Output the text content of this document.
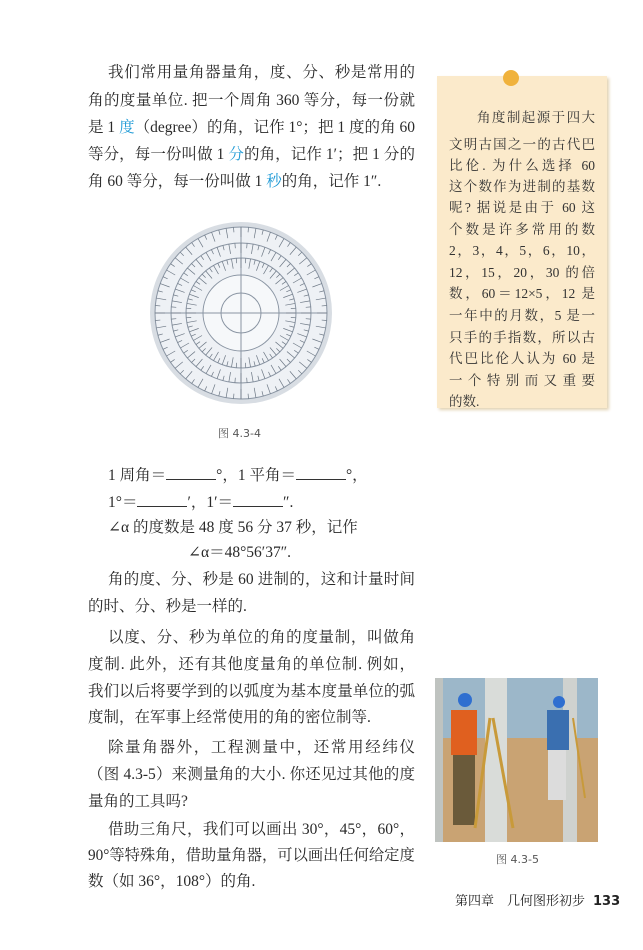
我们常用量角器量角，度、分、秒是常用的
角的度量单位. 把一个周角 360 等分，每一份就
是 1 度（degree）的角，记作 1°；把 1 度的角 60
等分，每一份叫做 1 分的角，记作 1′；把 1 分的
角 60 等分，每一份叫做 1 秒的角，记作 1″.
图 4.3-4
1 周角＝	°，1 平角＝	°，
1°＝	′，1′＝	″.
∠α 的度数是 48 度 56 分 37 秒，记作
∠α＝48°56′37″.
角的度、分、秒是 60 进制的，这和计量时间
的时、分、秒是一样的.
以度、分、秒为单位的角的度量制，叫做角
度制. 此外，还有其他度量角的单位制. 例如，
我们以后将要学到的以弧度为基本度量单位的弧
度制，在军事上经常使用的角的密位制等.
除量角器外，工程测量中，还常用经纬仪
（图 4.3-5）来测量角的大小. 你还见过其他的度
量角的工具吗?
借助三角尺，我们可以画出 30°，45°，60°，
90°等特殊角，借助量角器，可以画出任何给定度
数（如 36°，108°）的角.
角度制起源于四大
文明古国之一的古代巴
比伦. 为什么选择 60
这个数作为进制的基数
呢? 据说是由于 60 这
个数是许多常用的数
2，3，4，5，6，10，
12，15，20，30 的倍
数，60＝12×5，12 是
一年中的月数，5 是一
只手的手指数，所以古
代巴比伦人认为 60 是
一个特别而又重要
的数.
图 4.3-5
第四章　几何图形初步 133
